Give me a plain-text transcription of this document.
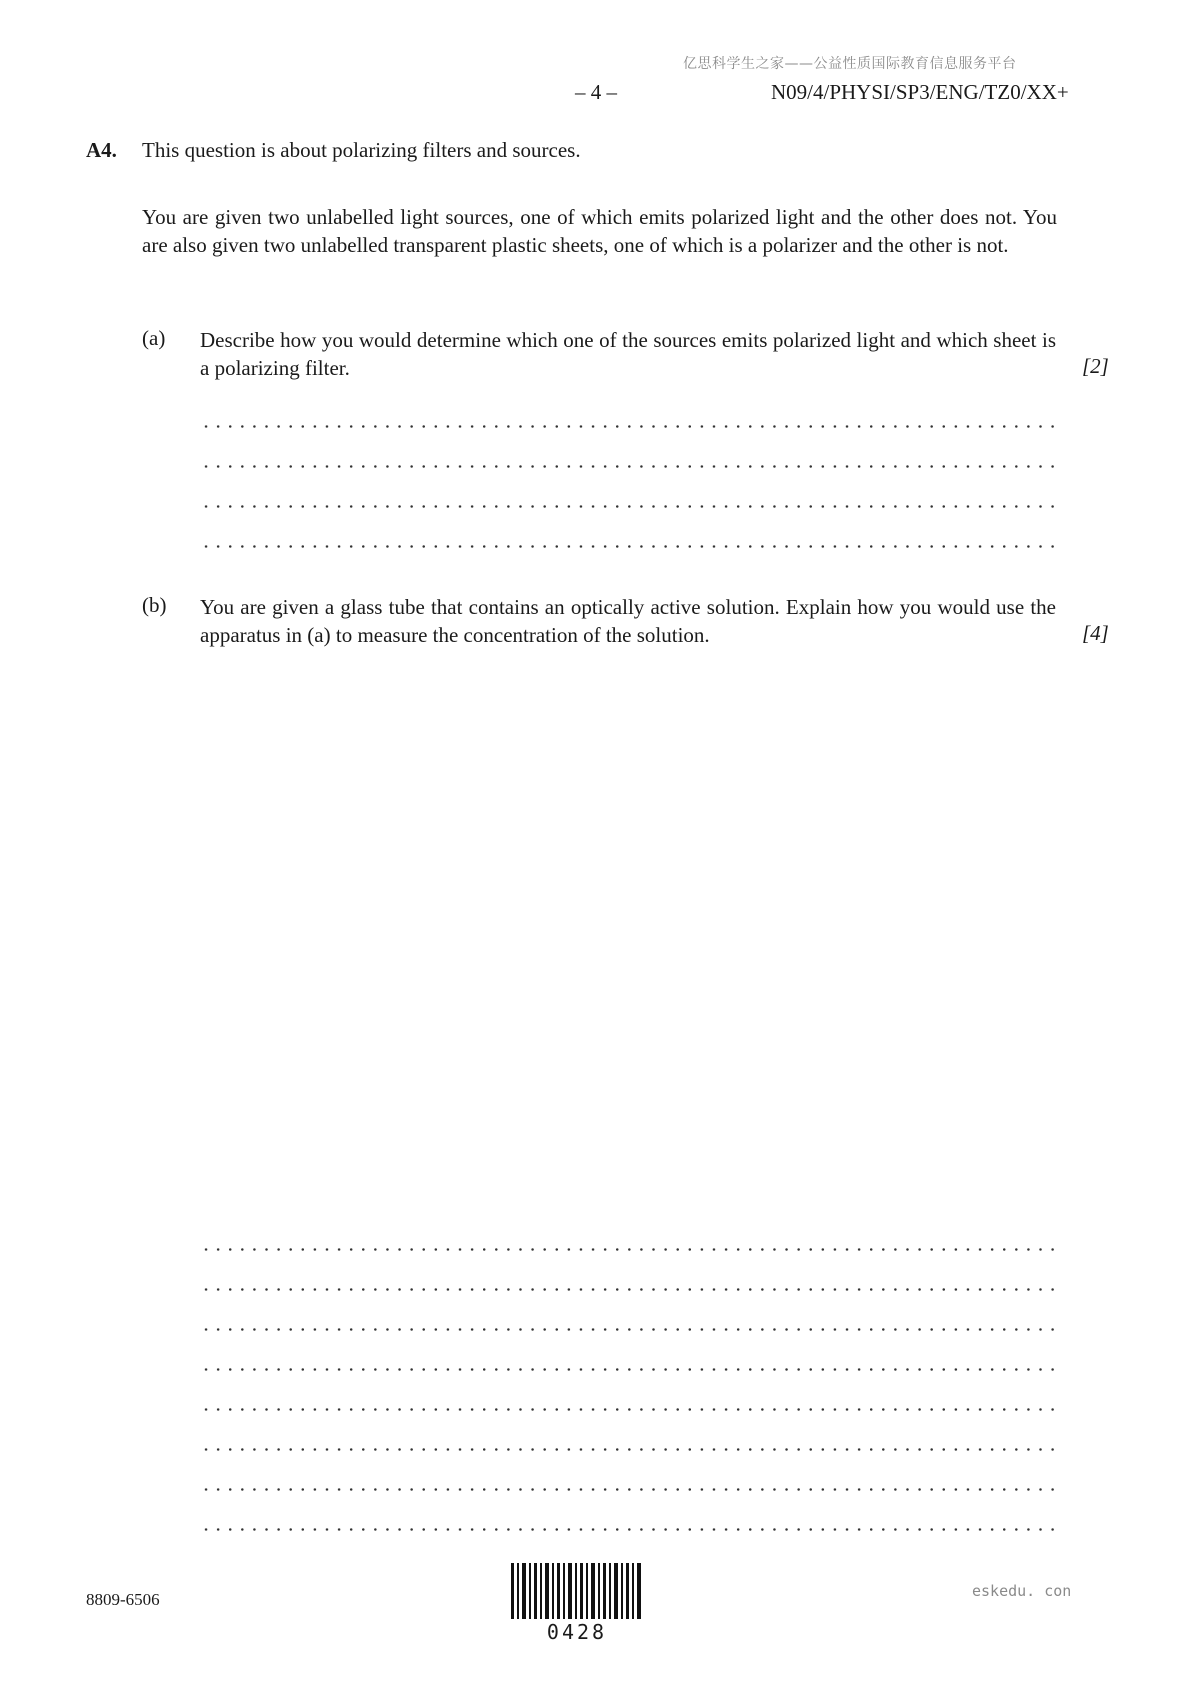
亿思科学生之家——公益性质国际教育信息服务平台
– 4 –	N09/4/PHYSI/SP3/ENG/TZ0/XX+
A4. This question is about polarizing filters and sources.
You are given two unlabelled light sources, one of which emits polarized light and the other does not. You are also given two unlabelled transparent plastic sheets, one of which is a polarizer and the other is not.
(a) Describe how you would determine which one of the sources emits polarized light and which sheet is a polarizing filter.	[2]
(b) You are given a glass tube that contains an optically active solution. Explain how you would use the apparatus in (a) to measure the concentration of the solution.	[4]
8809-6506
0428
eskedu. con
